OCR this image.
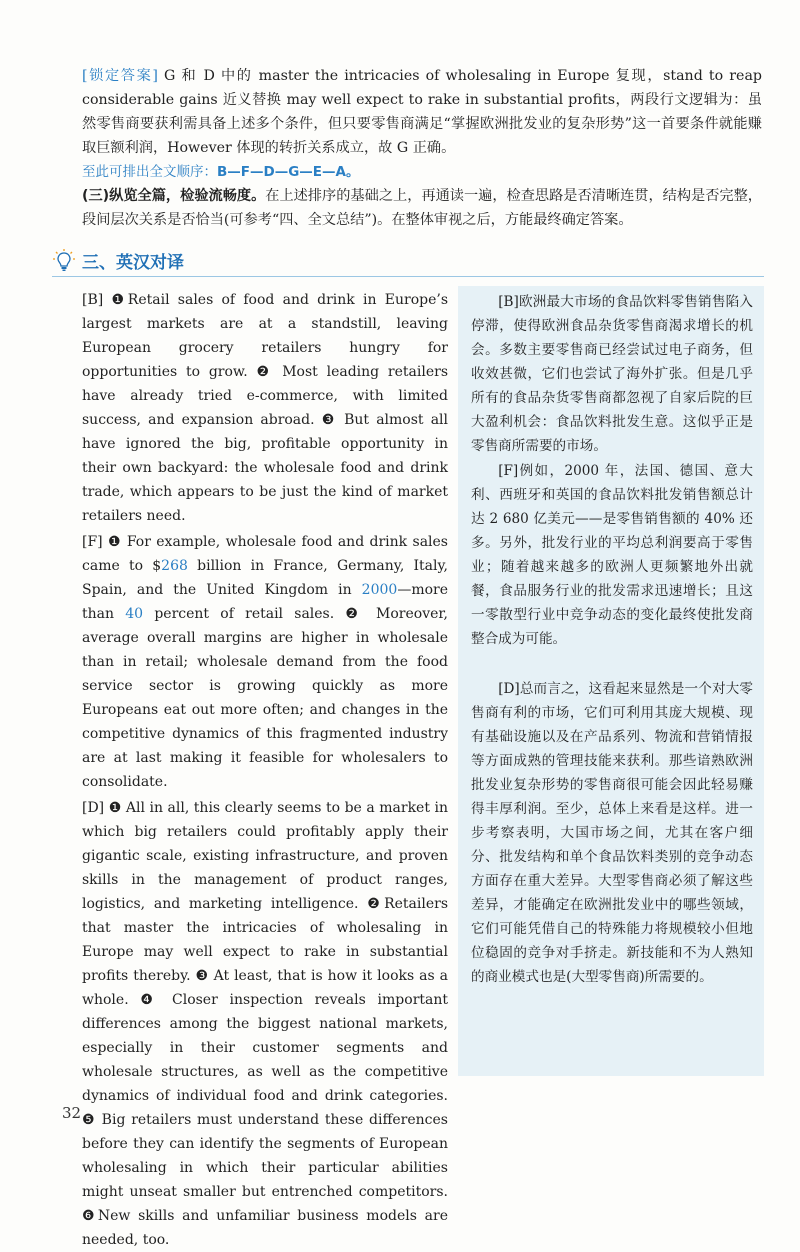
[锁定答案] G 和 D 中的 master the intricacies of wholesaling in Europe 复现，stand to reap considerable gains 近义替换 may well expect to rake in substantial profits，两段行文逻辑为：虽然零售商要获利需具备上述多个条件，但只要零售商满足“掌握欧洲批发业的复杂形势”这一首要条件就能赚取巨额利润，However 体现的转折关系成立，故 G 正确。
至此可排出全文顺序：B—F—D—G—E—A。
(三)纵览全篇，检验流畅度。在上述排序的基础之上，再通读一遍，检查思路是否清晰连贯，结构是否完整，段间层次关系是否恰当(可参考“四、全文总结”)。在整体审视之后，方能最终确定答案。
三、英汉对译

[B] ❶Retail sales of food and drink in Europe’s largest markets are at a standstill, leaving European grocery retailers hungry for opportunities to grow. ❷ Most leading retailers have already tried e-commerce, with limited success, and expansion abroad. ❸ But almost all have ignored the big, profitable opportunity in their own backyard: the wholesale food and drink trade, which appears to be just the kind of market retailers need.

[F] ❶ For example, wholesale food and drink sales came to $268 billion in France, Germany, Italy, Spain, and the United Kingdom in 2000—more than 40 percent of retail sales. ❷ Moreover, average overall margins are higher in wholesale than in retail; wholesale demand from the food service sector is growing quickly as more Europeans eat out more often; and changes in the competitive dynamics of this fragmented industry are at last making it feasible for wholesalers to consolidate.

[D] ❶ All in all, this clearly seems to be a market in which big retailers could profitably apply their gigantic scale, existing infrastructure, and proven skills in the management of product ranges, logistics, and marketing intelligence. ❷Retailers that master the intricacies of wholesaling in Europe may well expect to rake in substantial profits thereby. ❸ At least, that is how it looks as a whole. ❹ Closer inspection reveals important differences among the biggest national markets, especially in their customer segments and wholesale structures, as well as the competitive dynamics of individual food and drink categories. ❺ Big retailers must understand these differences before they can identify the segments of European wholesaling in which their particular abilities might unseat smaller but entrenched competitors. ❻New skills and unfamiliar business models are needed, too.

[B]欧洲最大市场的食品饮料零售销售陷入停滞，使得欧洲食品杂货零售商渴求增长的机会。多数主要零售商已经尝试过电子商务，但收效甚微，它们也尝试了海外扩张。但是几乎所有的食品杂货零售商都忽视了自家后院的巨大盈利机会：食品饮料批发生意。这似乎正是零售商所需要的市场。

[F]例如，2000 年，法国、德国、意大利、西班牙和英国的食品饮料批发销售额总计达 2 680 亿美元——是零售销售额的 40% 还多。另外，批发行业的平均总利润要高于零售业；随着越来越多的欧洲人更频繁地外出就餐，食品服务行业的批发需求迅速增长；且这一零散型行业中竞争动态的变化最终使批发商整合成为可能。

[D]总而言之，这看起来显然是一个对大零售商有利的市场，它们可利用其庞大规模、现有基础设施以及在产品系列、物流和营销情报等方面成熟的管理技能来获利。那些谙熟欧洲批发业复杂形势的零售商很可能会因此轻易赚得丰厚利润。至少，总体上来看是这样。进一步考察表明，大国市场之间，尤其在客户细分、批发结构和单个食品饮料类别的竞争动态方面存在重大差异。大型零售商必须了解这些差异，才能确定在欧洲批发业中的哪些领域，它们可能凭借自己的特殊能力将规模较小但地位稳固的竞争对手挤走。新技能和不为人熟知的商业模式也是(大型零售商)所需要的。

32
